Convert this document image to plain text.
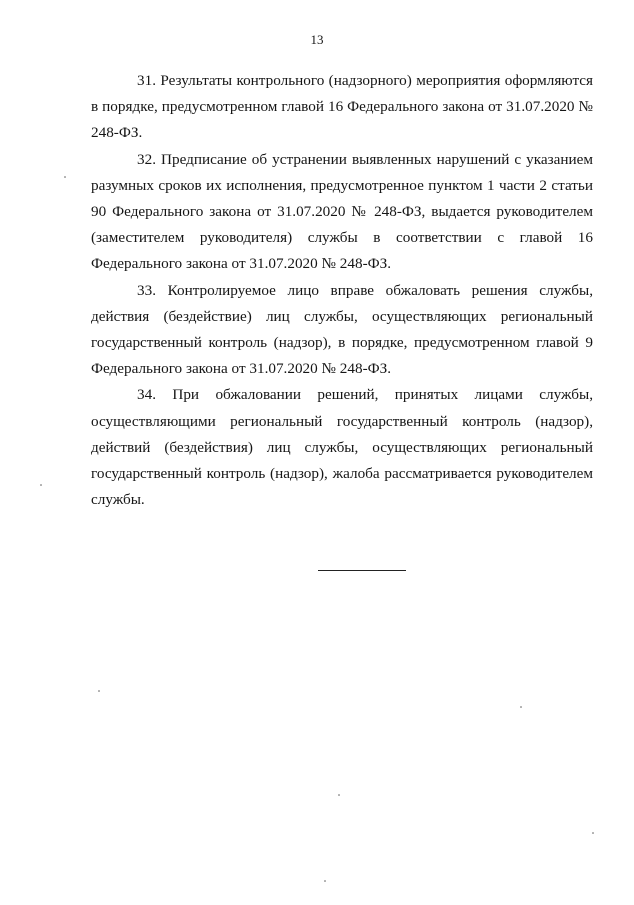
13

31. Результаты контрольного (надзорного) мероприятия оформляются в порядке, предусмотренном главой 16 Федерального закона от 31.07.2020 № 248-ФЗ.

32. Предписание об устранении выявленных нарушений с указанием разумных сроков их исполнения, предусмотренное пунктом 1 части 2 статьи 90 Федерального закона от 31.07.2020 № 248-ФЗ, выдается руководителем (заместителем руководителя) службы в соответствии с главой 16 Федерального закона от 31.07.2020 № 248-ФЗ.

33. Контролируемое лицо вправе обжаловать решения службы, действия (бездействие) лиц службы, осуществляющих региональный государственный контроль (надзор), в порядке, предусмотренном главой 9 Федерального закона от 31.07.2020 № 248-ФЗ.

34. При обжаловании решений, принятых лицами службы, осуществляющими региональный государственный контроль (надзор), действий (бездействия) лиц службы, осуществляющих региональный государственный контроль (надзор), жалоба рассматривается руководителем службы.
